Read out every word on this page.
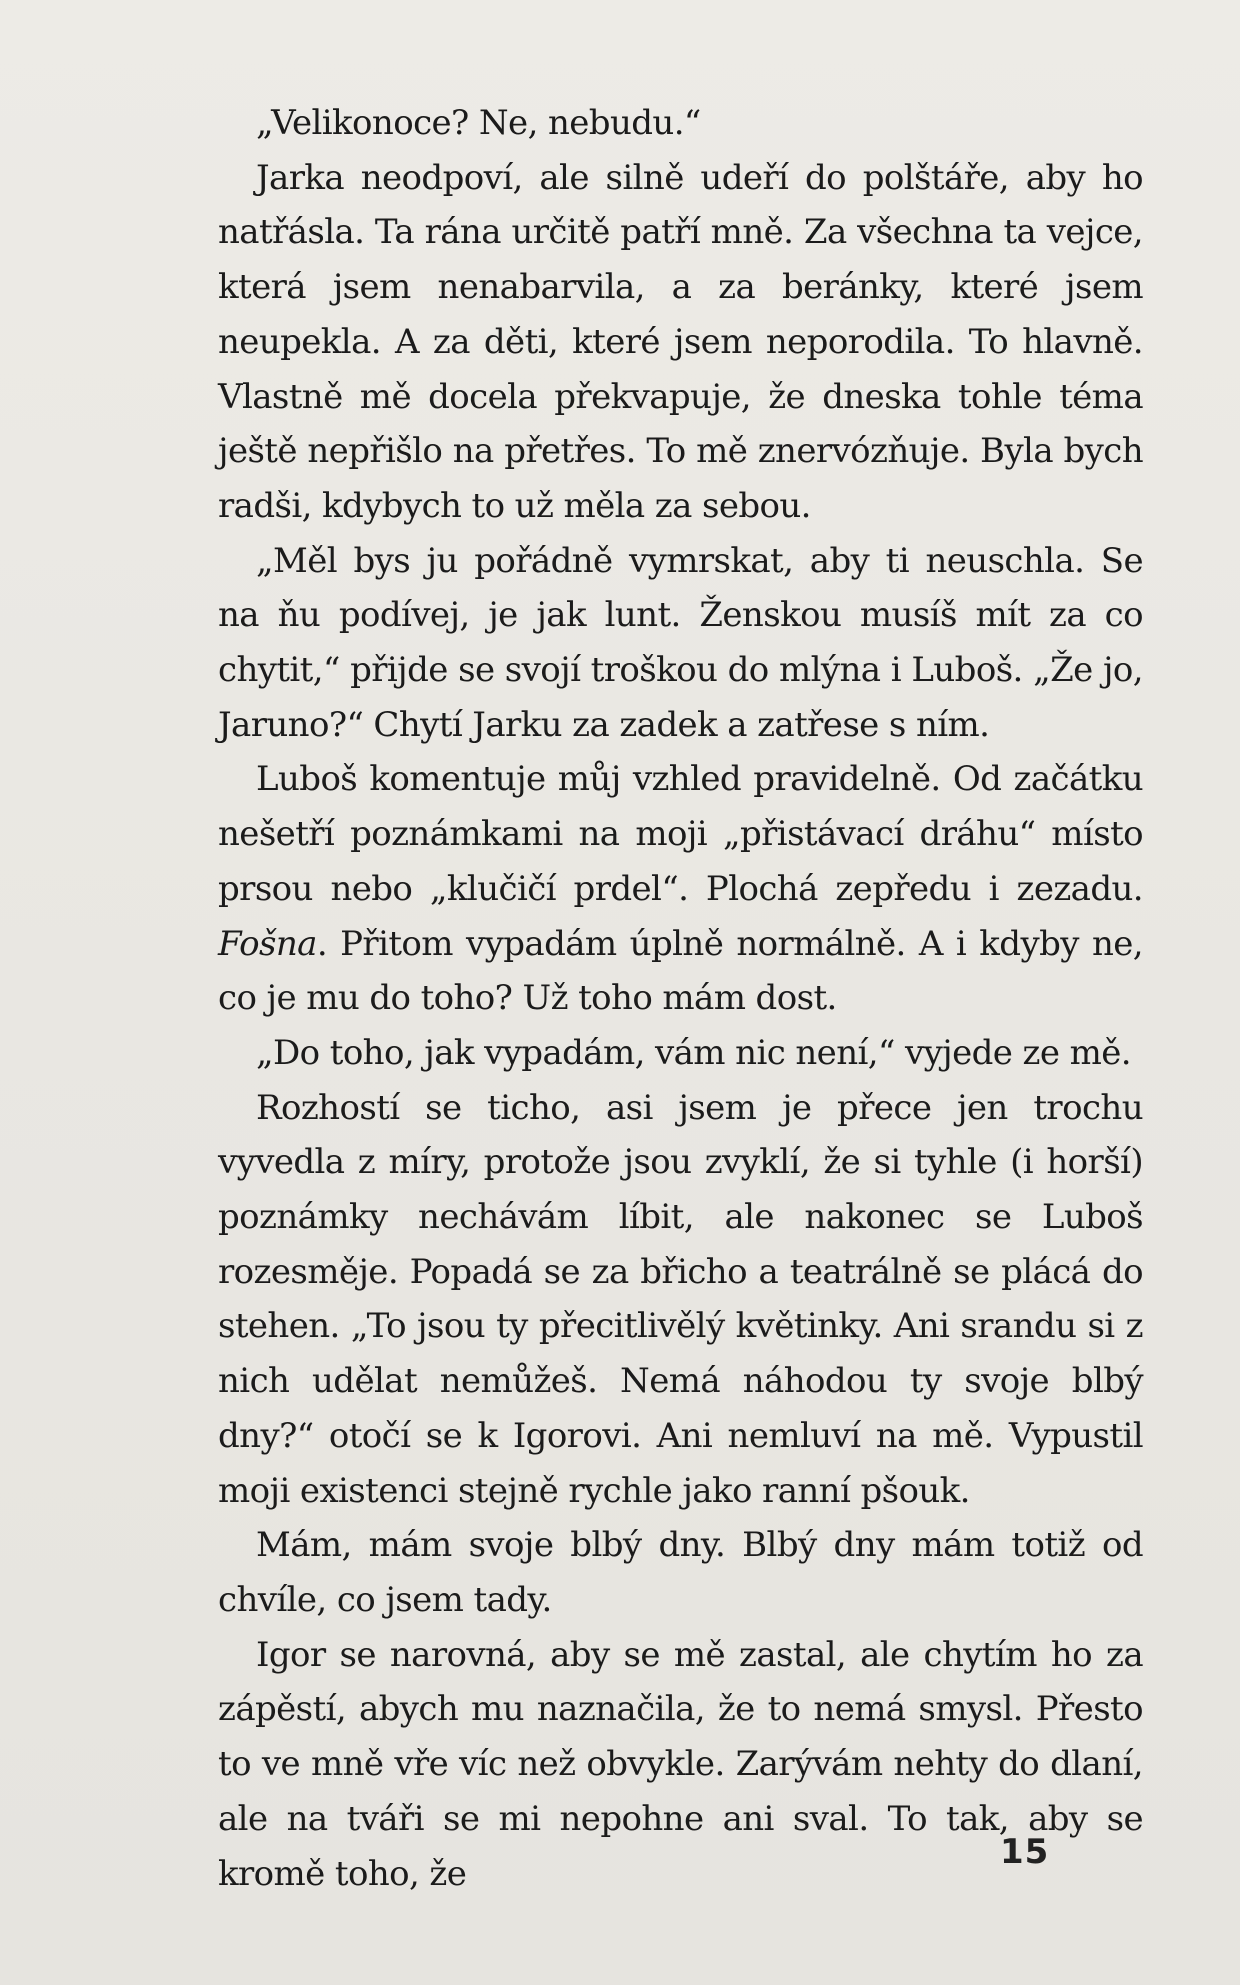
„Velikonoce? Ne, nebudu.“

Jarka neodpoví, ale silně udeří do polštáře, aby ho natřásla. Ta rána určitě patří mně. Za všechna ta vejce, která jsem nenabarvila, a za beránky, které jsem neupekla. A za děti, které jsem neporodila. To hlavně. Vlastně mě docela překvapuje, že dneska tohle téma ještě nepřišlo na přetřes. To mě znervózňuje. Byla bych radši, kdybych to už měla za sebou.

„Měl bys ju pořádně vymrskat, aby ti neuschla. Se na ňu podívej, je jak lunt. Ženskou musíš mít za co chytit,“ přijde se svojí troškou do mlýna i Luboš. „Že jo, Jaruno?“ Chytí Jarku za zadek a zatřese s ním.

Luboš komentuje můj vzhled pravidelně. Od začátku nešetří poznámkami na moji „přistávací dráhu“ místo prsou nebo „klučičí prdel“. Plochá zepředu i zezadu. Fošna. Přitom vypadám úplně normálně. A i kdyby ne, co je mu do toho? Už toho mám dost.

„Do toho, jak vypadám, vám nic není,“ vyjede ze mě.

Rozhostí se ticho, asi jsem je přece jen trochu vyvedla z míry, protože jsou zvyklí, že si tyhle (i horší) poznámky nechávám líbit, ale nakonec se Luboš rozesměje. Popadá se za břicho a teatrálně se plácá do stehen. „To jsou ty přecitlivělý květinky. Ani srandu si z nich udělat nemůžeš. Nemá náhodou ty svoje blbý dny?“ otočí se k Igorovi. Ani nemluví na mě. Vypustil moji existenci stejně rychle jako ranní pšouk.

Mám, mám svoje blbý dny. Blbý dny mám totiž od chvíle, co jsem tady.

Igor se narovná, aby se mě zastal, ale chytím ho za zápěstí, abych mu naznačila, že to nemá smysl. Přesto to ve mně vře víc než obvykle. Zarývám nehty do dlaní, ale na tváři se mi nepohne ani sval. To tak, aby se kromě toho, že

15
